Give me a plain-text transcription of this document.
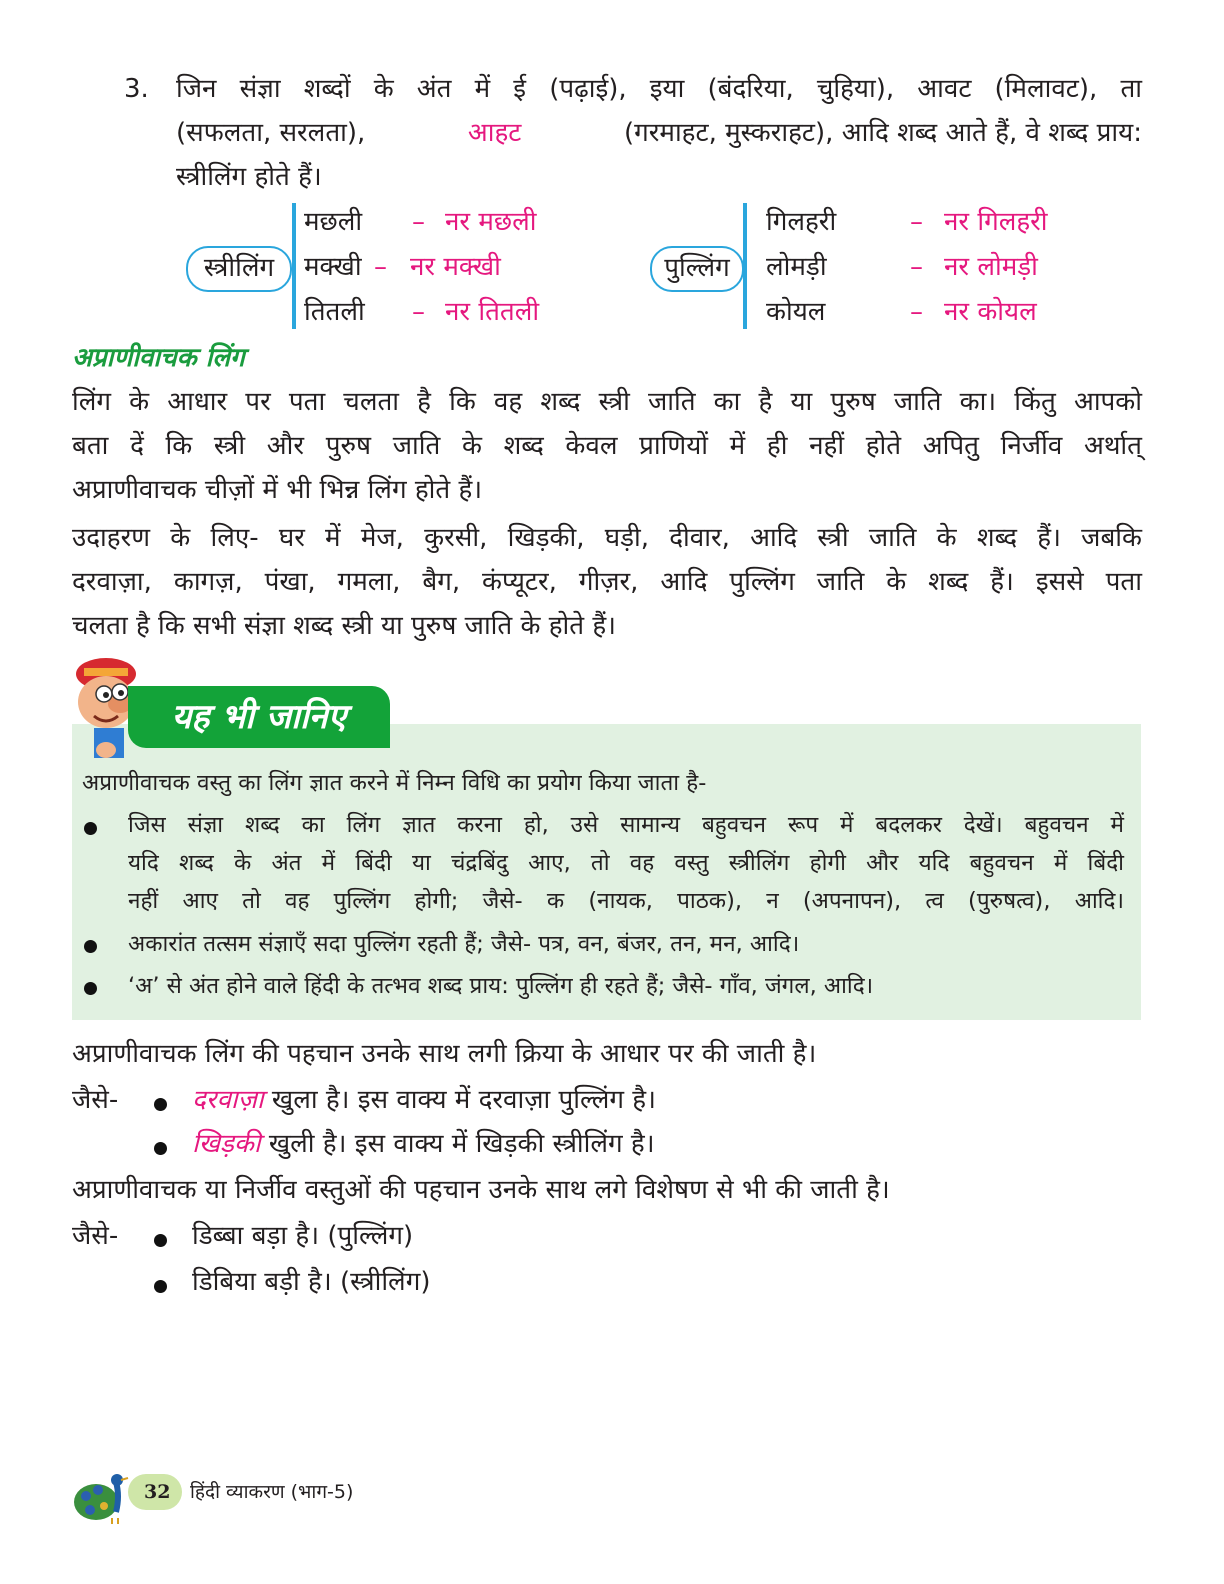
3. जिन संज्ञा शब्दों के अंत में ई (पढ़ाई), इया (बंदरिया, चुहिया), आवट (मिलावट), ता
(सफलता, सरलता),	आहट	(गरमाहट, मुस्कराहट), आदि शब्द आते हैं, वे शब्द प्राय:
स्त्रीलिंग होते हैं।
स्त्रीलिंग
मछली – नर मछली
मक्खी – नर मक्खी
तितली – नर तितली
पुल्लिंग
गिलहरी	– नर गिलहरी
लोमड़ी	– नर लोमड़ी
कोयल	– नर कोयल
अप्राणीवाचक लिंग
लिंग के आधार पर पता चलता है कि वह शब्द स्त्री जाति का है या पुरुष जाति का। किंतु आपको
बता दें कि स्त्री और पुरुष जाति के शब्द केवल प्राणियों में ही नहीं होते अपितु निर्जीव अर्थात्
अप्राणीवाचक चीज़ों में भी भिन्न लिंग होते हैं।
उदाहरण के लिए- घर में मेज, कुरसी, खिड़की, घड़ी, दीवार, आदि स्त्री जाति के शब्द हैं। जबकि
दरवाज़ा, कागज़, पंखा, गमला, बैग, कंप्यूटर, गीज़र, आदि पुल्लिंग जाति के शब्द हैं। इससे पता
चलता है कि सभी संज्ञा शब्द स्त्री या पुरुष जाति के होते हैं।
यह भी जानिए
अप्राणीवाचक वस्तु का लिंग ज्ञात करने में निम्न विधि का प्रयोग किया जाता है-
जिस संज्ञा शब्द का लिंग ज्ञात करना हो, उसे सामान्य बहुवचन रूप में बदलकर देखें। बहुवचन में
यदि शब्द के अंत में बिंदी या चंद्रबिंदु आए, तो वह वस्तु स्त्रीलिंग होगी और यदि बहुवचन में बिंदी
नहीं आए तो वह पुल्लिंग होगी; जैसे- क (नायक, पाठक), न (अपनापन), त्व (पुरुषत्व), आदि।
अकारांत तत्सम संज्ञाएँ सदा पुल्लिंग रहती हैं; जैसे- पत्र, वन, बंजर, तन, मन, आदि।
‘अ’ से अंत होने वाले हिंदी के तत्भव शब्द प्राय: पुल्लिंग ही रहते हैं; जैसे- गाँव, जंगल, आदि।
अप्राणीवाचक लिंग की पहचान उनके साथ लगी क्रिया के आधार पर की जाती है।
जैसे-	दरवाज़ा खुला है। इस वाक्य में दरवाज़ा पुल्लिंग है।
खिड़की खुली है। इस वाक्य में खिड़की स्त्रीलिंग है।
अप्राणीवाचक या निर्जीव वस्तुओं की पहचान उनके साथ लगे विशेषण से भी की जाती है।
जैसे-	डिब्बा बड़ा है। (पुल्लिंग)
डिबिया बड़ी है। (स्त्रीलिंग)
32 हिंदी व्याकरण (भाग-5)
